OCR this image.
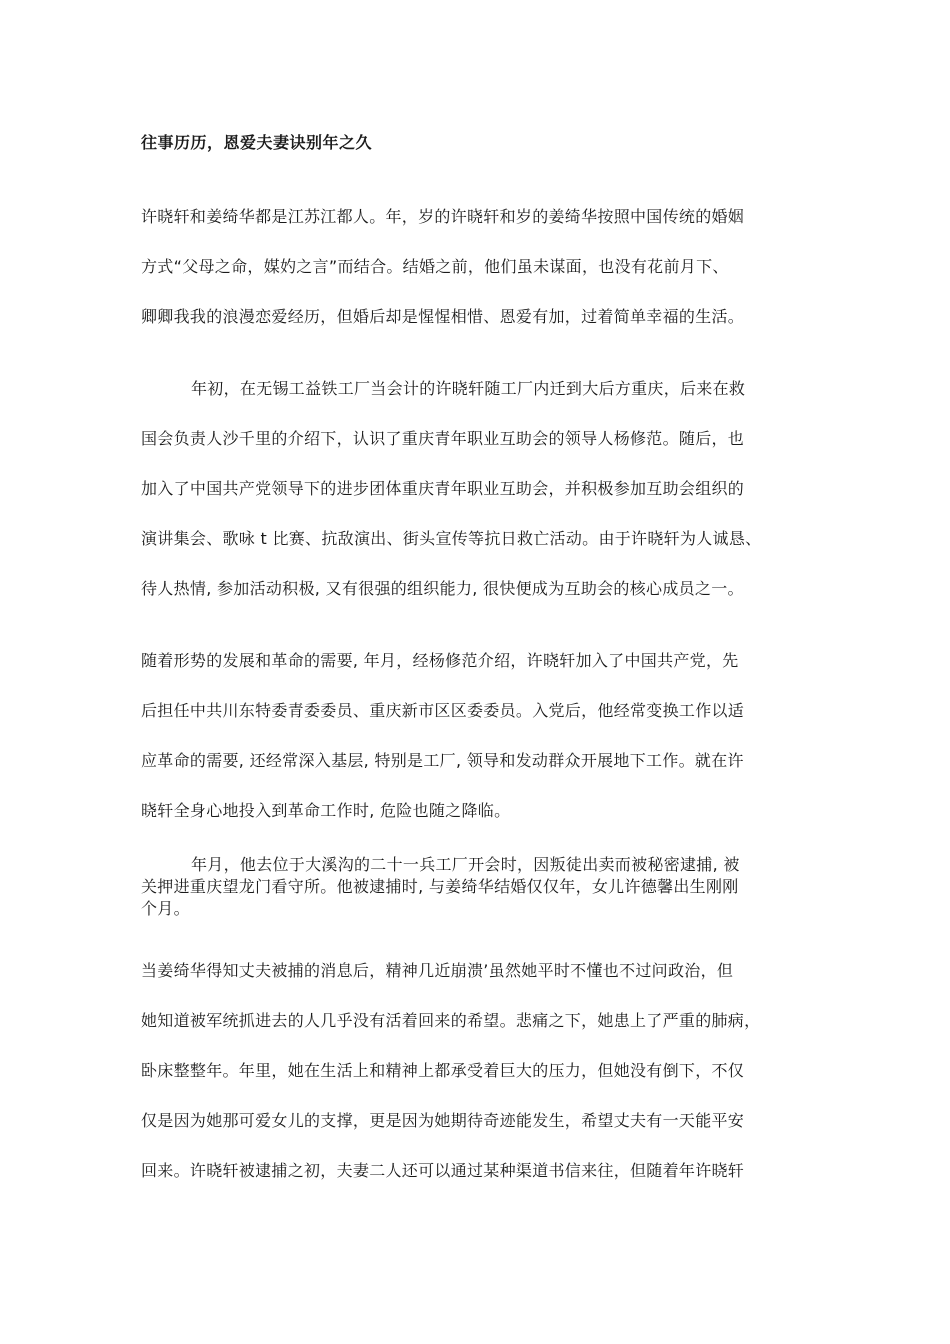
往事历历，恩爱夫妻诀别年之久
许晓轩和姜绮华都是江苏江都人。年，岁的许晓轩和岁的姜绮华按照中国传统的婚姻
方式“父母之命，媒妁之言”而结合。结婚之前，他们虽未谋面，也没有花前月下、
卿卿我我的浪漫恋爱经历，但婚后却是惺惺相惜、恩爱有加，过着简单幸福的生活。
年初，在无锡工益铁工厂当会计的许晓轩随工厂内迁到大后方重庆，后来在救
国会负责人沙千里的介绍下，认识了重庆青年职业互助会的领导人杨修范。随后，也
加入了中国共产党领导下的进步团体重庆青年职业互助会，并积极参加互助会组织的
演讲集会、歌咏 t 比赛、抗敌演出、街头宣传等抗日救亡活动。由于许晓轩为人诚恳、
待人热情, 参加活动积极, 又有很强的组织能力, 很快便成为互助会的核心成员之一。
随着形势的发展和革命的需要, 年月，经杨修范介绍，许晓轩加入了中国共产党，先
后担任中共川东特委青委委员、重庆新市区区委委员。入党后，他经常变换工作以适
应革命的需要, 还经常深入基层, 特别是工厂, 领导和发动群众开展地下工作。就在许
晓轩全身心地投入到革命工作时, 危险也随之降临。
年月，他去位于大溪沟的二十一兵工厂开会时，因叛徒出卖而被秘密逮捕, 被
关押进重庆望龙门看守所。他被逮捕时, 与姜绮华结婚仅仅年，女儿许德馨出生刚刚
个月。
当姜绮华得知丈夫被捕的消息后，精神几近崩溃’虽然她平时不懂也不过问政治，但
她知道被军统抓进去的人几乎没有活着回来的希望。悲痛之下，她患上了严重的肺病，
卧床整整年。年里，她在生活上和精神上都承受着巨大的压力，但她没有倒下，不仅
仅是因为她那可爱女儿的支撑，更是因为她期待奇迹能发生，希望丈夫有一天能平安
回来。许晓轩被逮捕之初，夫妻二人还可以通过某种渠道书信来往，但随着年许晓轩
